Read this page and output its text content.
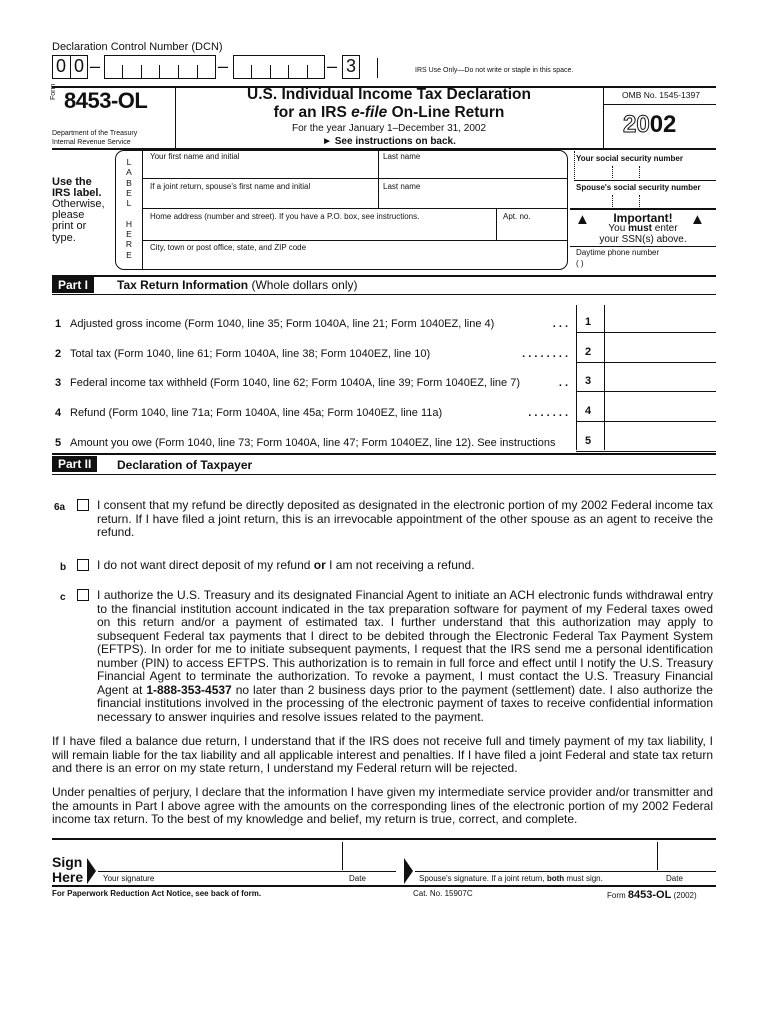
Declaration Control Number (DCN)
0 0 –	–	– 3	IRS Use Only—Do not write or staple in this space.
Form 8453-OL
Department of the Treasury
Internal Revenue Service
U.S. Individual Income Tax Declaration
for an IRS e-file On-Line Return
For the year January 1–December 31, 2002
► See instructions on back.
OMB No. 1545-1397
2002
Use the
IRS label.
Otherwise,
please
print or
type.
L
A
B
E
L
H
E
R
E
Your first name and initial	Last name
If a joint return, spouse's first name and initial	Last name
Home address (number and street). If you have a P.O. box, see instructions.	Apt. no.
City, town or post office, state, and ZIP code
Your social security number
Spouse's social security number
▲	▲
Important!
You must enter
your SSN(s) above.
Daytime phone number
( )
Part I	Tax Return Information (Whole dollars only)
1 Adjusted gross income (Form 1040, line 35; Form 1040A, line 21; Form 1040EZ, line 4)	. . . 1
2 Total tax (Form 1040, line 61; Form 1040A, line 38; Form 1040EZ, line 10)	. . . . . . . . 2
3 Federal income tax withheld (Form 1040, line 62; Form 1040A, line 39; Form 1040EZ, line 7)	. . 3
4 Refund (Form 1040, line 71a; Form 1040A, line 45a; Form 1040EZ, line 11a)	. . . . . . . 4
5 Amount you owe (Form 1040, line 73; Form 1040A, line 47; Form 1040EZ, line 12). See instructions	5
Part II	Declaration of Taxpayer
6a	I consent that my refund be directly deposited as designated in the electronic portion of my 2002 Federal income tax return. If I have filed a joint return, this is an irrevocable appointment of the other spouse as an agent to receive the refund.
b	I do not want direct deposit of my refund or I am not receiving a refund.
c	I authorize the U.S. Treasury and its designated Financial Agent to initiate an ACH electronic funds withdrawal entry to the financial institution account indicated in the tax preparation software for payment of my Federal taxes owed on this return and/or a payment of estimated tax. I further understand that this authorization may apply to subsequent Federal tax payments that I direct to be debited through the Electronic Federal Tax Payment System (EFTPS). In order for me to initiate subsequent payments, I request that the IRS send me a personal identification number (PIN) to access EFTPS. This authorization is to remain in full force and effect until I notify the U.S. Treasury Financial Agent to terminate the authorization. To revoke a payment, I must contact the U.S. Treasury Financial Agent at 1-888-353-4537 no later than 2 business days prior to the payment (settlement) date. I also authorize the financial institutions involved in the processing of the electronic payment of taxes to receive confidential information necessary to answer inquiries and resolve issues related to the payment.
If I have filed a balance due return, I understand that if the IRS does not receive full and timely payment of my tax liability, I will remain liable for the tax liability and all applicable interest and penalties. If I have filed a joint Federal and state tax return and there is an error on my state return, I understand my Federal return will be rejected.
Under penalties of perjury, I declare that the information I have given my intermediate service provider and/or transmitter and the amounts in Part I above agree with the amounts on the corresponding lines of the electronic portion of my 2002 Federal income tax return. To the best of my knowledge and belief, my return is true, correct, and complete.
Sign
Here Your signature	Date	Spouse's signature. If a joint return, both must sign.	Date
For Paperwork Reduction Act Notice, see back of form.	Cat. No. 15907C	Form 8453-OL (2002)
